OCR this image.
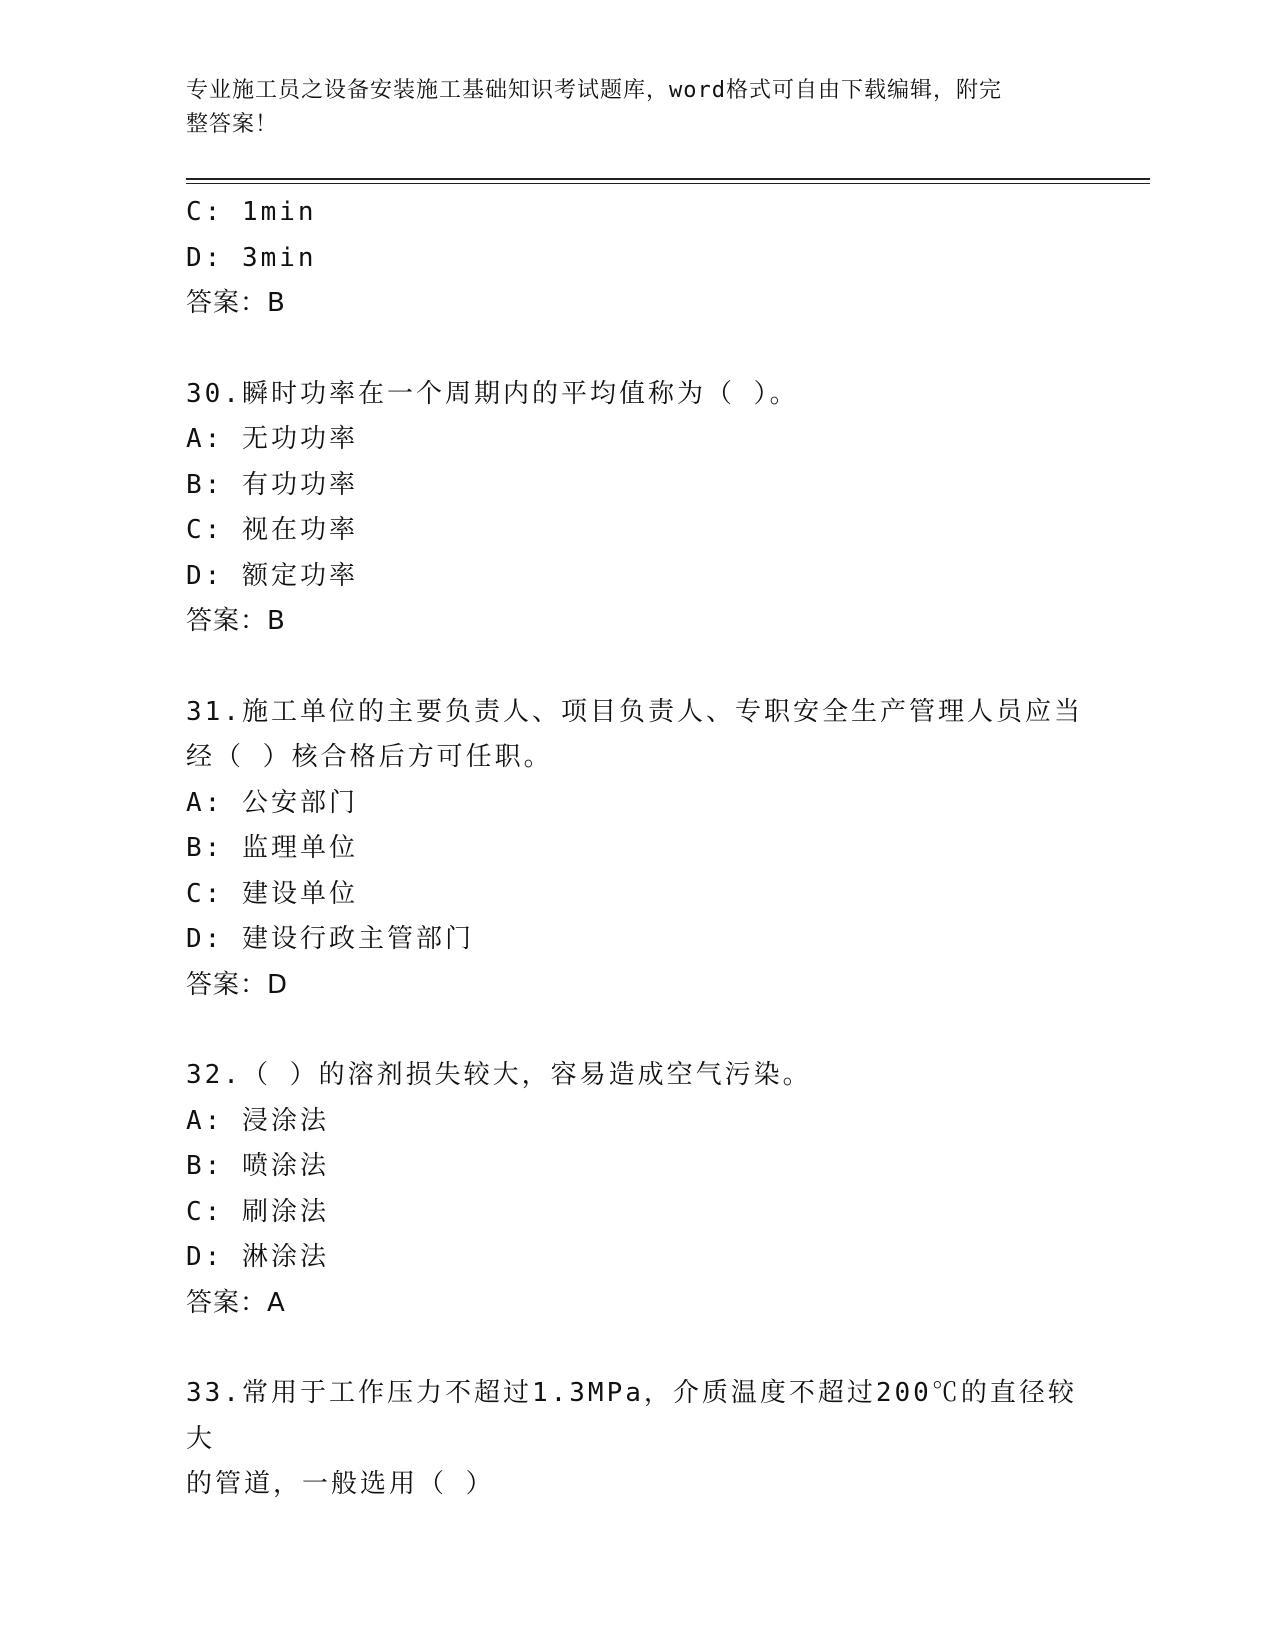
专业施工员之设备安装施工基础知识考试题库，word格式可自由下载编辑，附完
整答案！
C: 1min
D: 3min
答案：B
30.瞬时功率在一个周期内的平均值称为（ ）。
A: 无功功率
B: 有功功率
C: 视在功率
D: 额定功率
答案：B
31.施工单位的主要负责人、项目负责人、专职安全生产管理人员应当
经（ ）核合格后方可任职。
A: 公安部门
B: 监理单位
C: 建设单位
D: 建设行政主管部门
答案：D
32.（ ）的溶剂损失较大，容易造成空气污染。
A: 浸涂法
B: 喷涂法
C: 刷涂法
D: 淋涂法
答案：A
33.常用于工作压力不超过1.3MPa，介质温度不超过200℃的直径较大
的管道，一般选用（ ）
